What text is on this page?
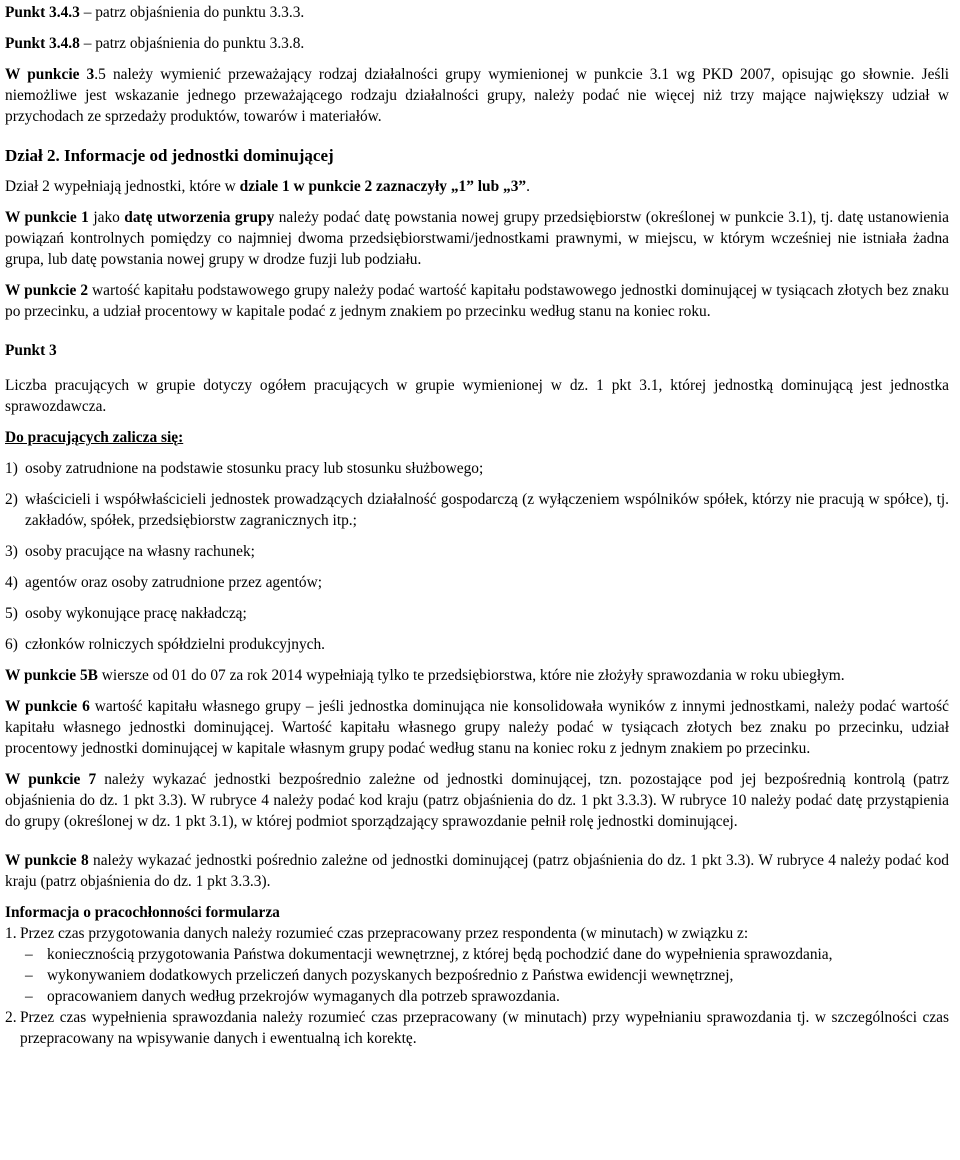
Punkt 3.4.3 – patrz objaśnienia do punktu 3.3.3.

Punkt 3.4.8 – patrz objaśnienia do punktu 3.3.8.

W punkcie 3.5 należy wymienić przeważający rodzaj działalności grupy wymienionej w punkcie 3.1 wg PKD 2007, opisując go słownie. Jeśli niemożliwe jest wskazanie jednego przeważającego rodzaju działalności grupy, należy podać nie więcej niż trzy mające największy udział w przychodach ze sprzedaży produktów, towarów i materiałów.

Dział 2. Informacje od jednostki dominującej

Dział 2 wypełniają jednostki, które w dziale 1 w punkcie 2 zaznaczyły „1” lub „3”.

W punkcie 1 jako datę utworzenia grupy należy podać datę powstania nowej grupy przedsiębiorstw (określonej w punkcie 3.1), tj. datę ustanowienia powiązań kontrolnych pomiędzy co najmniej dwoma przedsiębiorstwami/jednostkami prawnymi, w miejscu, w którym wcześniej nie istniała żadna grupa, lub datę powstania nowej grupy w drodze fuzji lub podziału.

W punkcie 2 wartość kapitału podstawowego grupy należy podać wartość kapitału podstawowego jednostki dominującej w tysiącach złotych bez znaku po przecinku, a udział procentowy w kapitale podać z jednym znakiem po przecinku według stanu na koniec roku.

Punkt 3

Liczba pracujących w grupie dotyczy ogółem pracujących w grupie wymienionej w dz. 1 pkt 3.1, której jednostką dominującą jest jednostka sprawozdawcza.

Do pracujących zalicza się:

1) osoby zatrudnione na podstawie stosunku pracy lub stosunku służbowego;
2) właścicieli i współwłaścicieli jednostek prowadzących działalność gospodarczą (z wyłączeniem wspólników spółek, którzy nie pracują w spółce), tj. zakładów, spółek, przedsiębiorstw zagranicznych itp.;
3) osoby pracujące na własny rachunek;
4) agentów oraz osoby zatrudnione przez agentów;
5) osoby wykonujące pracę nakładczą;
6) członków rolniczych spółdzielni produkcyjnych.

W punkcie 5B wiersze od 01 do 07 za rok 2014 wypełniają tylko te przedsiębiorstwa, które nie złożyły sprawozdania w roku ubiegłym.

W punkcie 6 wartość kapitału własnego grupy – jeśli jednostka dominująca nie konsolidowała wyników z innymi jednostkami, należy podać wartość kapitału własnego jednostki dominującej. Wartość kapitału własnego grupy należy podać w tysiącach złotych bez znaku po przecinku, udział procentowy jednostki dominującej w kapitale własnym grupy podać według stanu na koniec roku z jednym znakiem po przecinku.

W punkcie 7 należy wykazać jednostki bezpośrednio zależne od jednostki dominującej, tzn. pozostające pod jej bezpośrednią kontrolą (patrz objaśnienia do dz. 1 pkt 3.3). W rubryce 4 należy podać kod kraju (patrz objaśnienia do dz. 1 pkt 3.3.3). W rubryce 10 należy podać datę przystąpienia do grupy (określonej w dz. 1 pkt 3.1), w której podmiot sporządzający sprawozdanie pełnił rolę jednostki dominującej.

W punkcie 8 należy wykazać jednostki pośrednio zależne od jednostki dominującej (patrz objaśnienia do dz. 1 pkt 3.3). W rubryce 4 należy podać kod kraju (patrz objaśnienia do dz. 1 pkt 3.3.3).

Informacja o pracochłonności formularza

1. Przez czas przygotowania danych należy rozumieć czas przepracowany przez respondenta (w minutach) w związku z:
– koniecznością przygotowania Państwa dokumentacji wewnętrznej, z której będą pochodzić dane do wypełnienia sprawozdania,
– wykonywaniem dodatkowych przeliczeń danych pozyskanych bezpośrednio z Państwa ewidencji wewnętrznej,
– opracowaniem danych według przekrojów wymaganych dla potrzeb sprawozdania.
2. Przez czas wypełnienia sprawozdania należy rozumieć czas przepracowany (w minutach) przy wypełnianiu sprawozdania tj. w szczególności czas przepracowany na wpisywanie danych i ewentualną ich korektę.
